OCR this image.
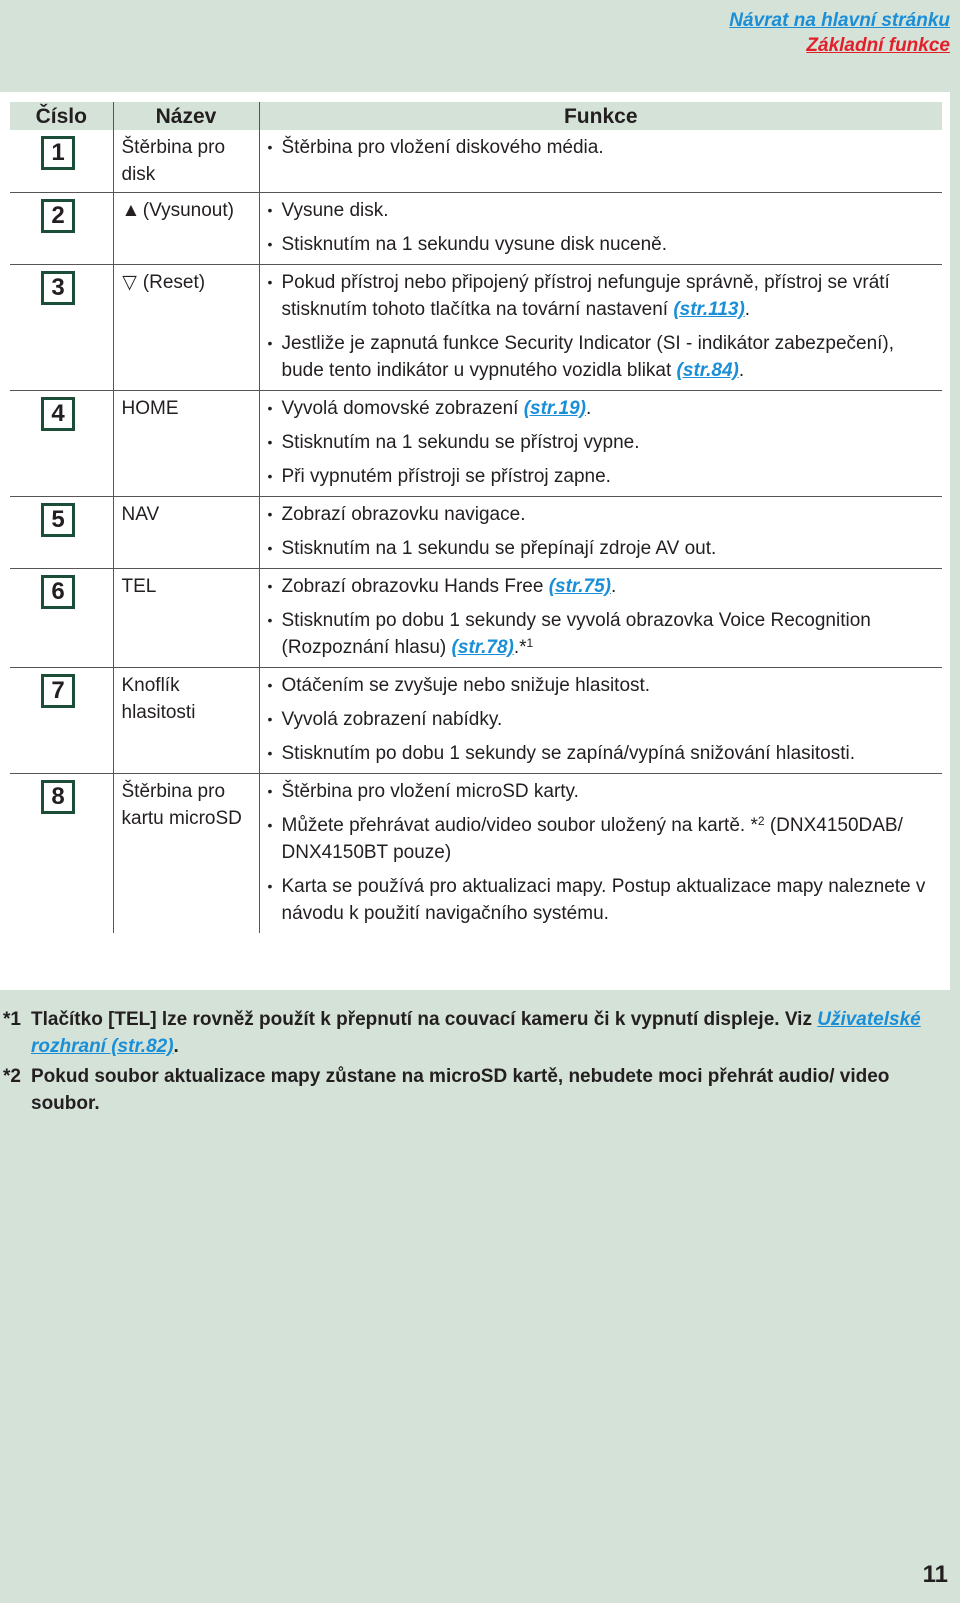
Návrat na hlavní stránku
Základní funkce
Číslo	Název	Funkce

1	Štěrbina pro disk	• Štěrbina pro vložení diskového média.

2	▲ (Vysunout)	• Vysune disk.
• Stisknutím na 1 sekundu vysune disk nuceně.

3	▽ (Reset)	• Pokud přístroj nebo připojený přístroj nefunguje správně, přístroj se vrátí stisknutím tohoto tlačítka na tovární nastavení (str.113).
• Jestliže je zapnutá funkce Security Indicator (SI - indikátor zabezpečení), bude tento indikátor u vypnutého vozidla blikat (str.84).

4	HOME	• Vyvolá domovské zobrazení (str.19).
• Stisknutím na 1 sekundu se přístroj vypne.
• Při vypnutém přístroji se přístroj zapne.

5	NAV	• Zobrazí obrazovku navigace.
• Stisknutím na 1 sekundu se přepínají zdroje AV out.

6	TEL	• Zobrazí obrazovku Hands Free (str.75).
• Stisknutím po dobu 1 sekundy se vyvolá obrazovka Voice Recognition (Rozpoznání hlasu) (str.78).*$^1$

7	Knoflík hlasitosti	• Otáčením se zvyšuje nebo snižuje hlasitost.
• Vyvolá zobrazení nabídky.
• Stisknutím po dobu 1 sekundy se zapíná/vypíná snižování hlasitosti.

8	Štěrbina pro kartu microSD	• Štěrbina pro vložení microSD karty.
• Můžete přehrávat audio/video soubor uložený na kartě. *$^2$ (DNX4150DAB/ DNX4150BT pouze)
• Karta se používá pro aktualizaci mapy. Postup aktualizace mapy naleznete v návodu k použití navigačního systému.
*1 Tlačítko [TEL] lze rovněž použít k přepnutí na couvací kameru či k vypnutí displeje. Viz Uživatelské rozhraní (str.82).
*2 Pokud soubor aktualizace mapy zůstane na microSD kartě, nebudete moci přehrát audio/ video soubor.
11
